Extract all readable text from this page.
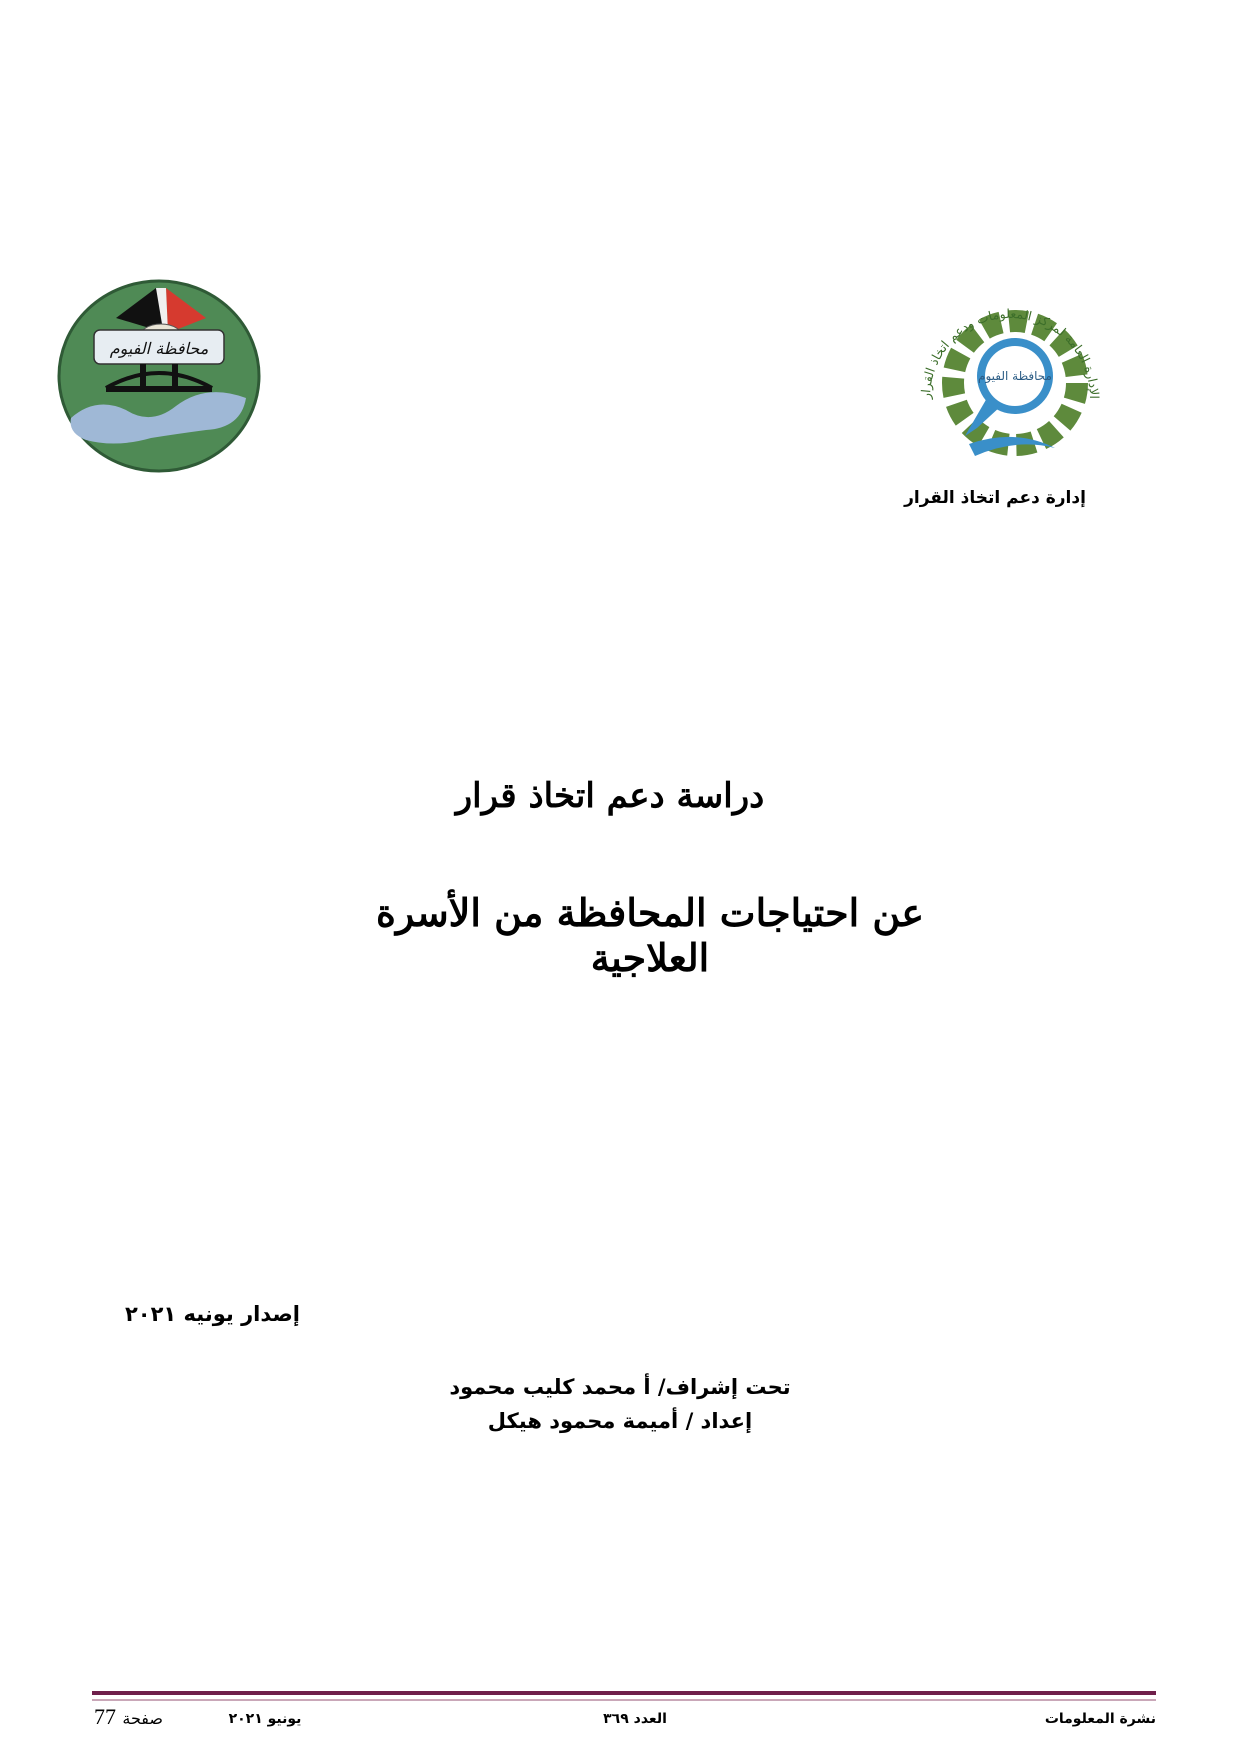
محافظة الفيوم
محافظة الفيوم
الإدارة العامة لمركز المعلومات ودعم اتخاذ القرار
إدارة دعم اتخاذ القرار
دراسة دعم اتخاذ قرار
عن احتياجات المحافظة من الأسرة العلاجية
إصدار يونيه ٢٠٢١
تحت إشراف/ أ محمد كليب محمود
إعداد / أميمة محمود هيكل
نشرة المعلومات
العدد ٣٦٩
يونيو ٢٠٢١
77 صفحة
